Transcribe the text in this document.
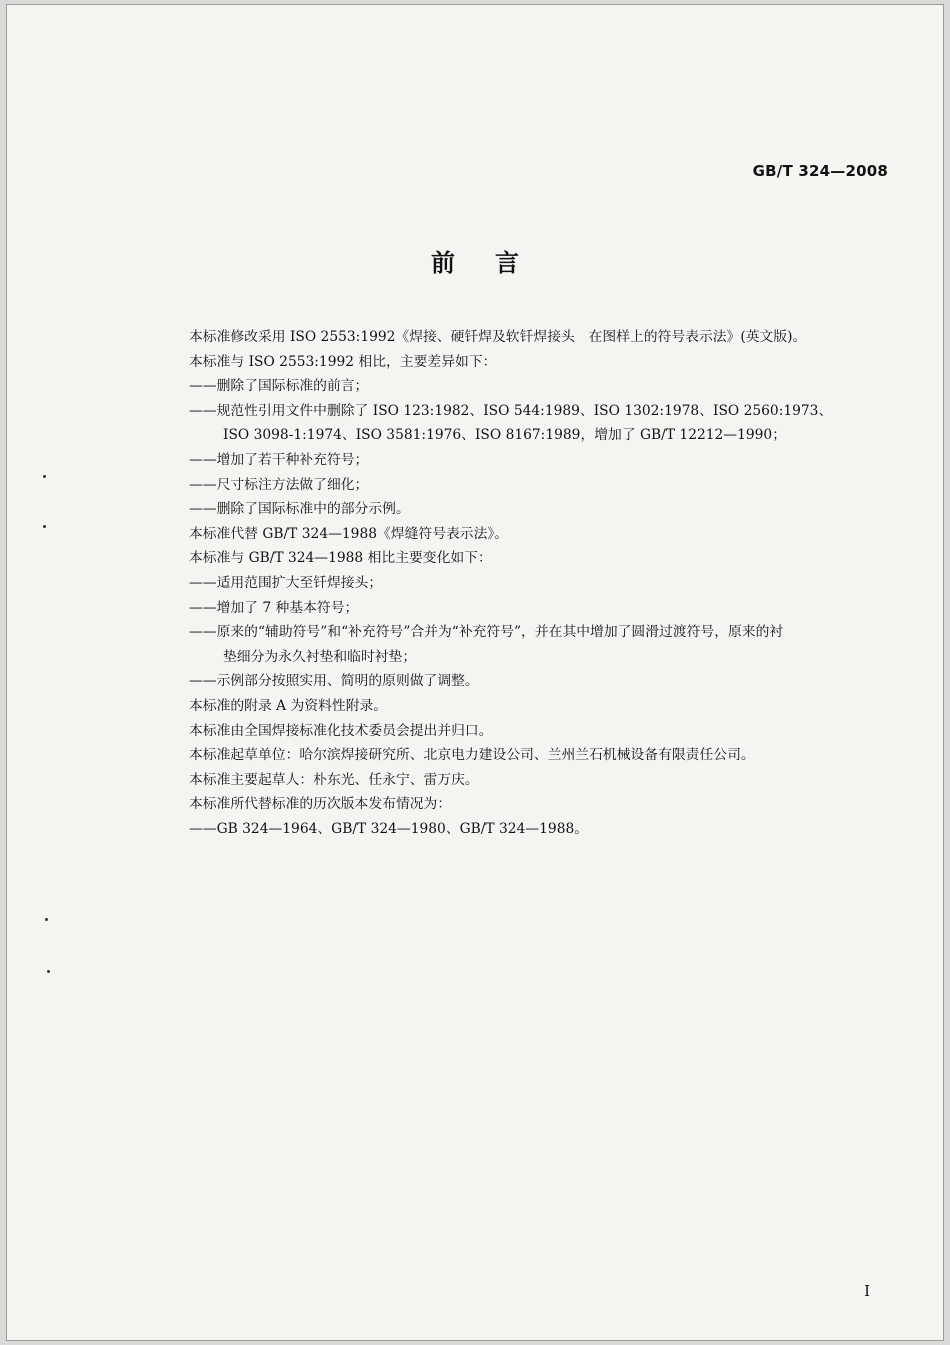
GB/T 324—2008
前言
本标准修改采用 ISO 2553:1992《焊接、硬钎焊及软钎焊接头　在图样上的符号表示法》(英文版)。
本标准与 ISO 2553:1992 相比，主要差异如下：
——删除了国际标准的前言；
——规范性引用文件中删除了 ISO 123:1982、ISO 544:1989、ISO 1302:1978、ISO 2560:1973、
ISO 3098-1:1974、ISO 3581:1976、ISO 8167:1989，增加了 GB/T 12212—1990；
——增加了若干种补充符号；
——尺寸标注方法做了细化；
——删除了国际标准中的部分示例。
本标准代替 GB/T 324—1988《焊缝符号表示法》。
本标准与 GB/T 324—1988 相比主要变化如下：
——适用范围扩大至钎焊接头；
——增加了 7 种基本符号；
——原来的“辅助符号”和“补充符号”合并为“补充符号”，并在其中增加了圆滑过渡符号，原来的衬
垫细分为永久衬垫和临时衬垫；
——示例部分按照实用、简明的原则做了调整。
本标准的附录 A 为资料性附录。
本标准由全国焊接标准化技术委员会提出并归口。
本标准起草单位：哈尔滨焊接研究所、北京电力建设公司、兰州兰石机械设备有限责任公司。
本标准主要起草人：朴东光、任永宁、雷万庆。
本标准所代替标准的历次版本发布情况为：
——GB 324—1964、GB/T 324—1980、GB/T 324—1988。
I
